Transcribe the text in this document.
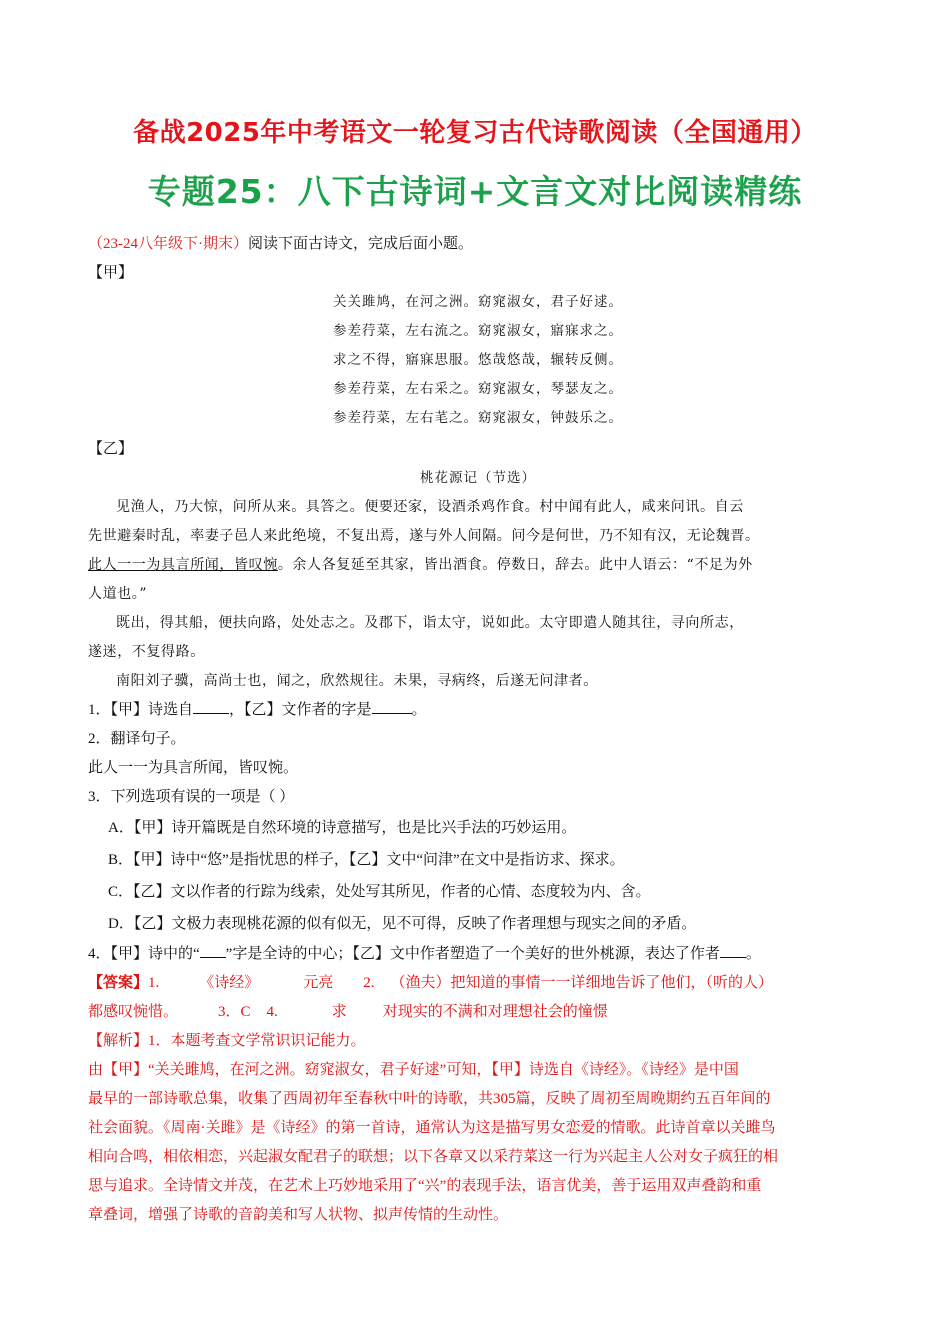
备战2025年中考语文一轮复习古代诗歌阅读（全国通用）
专题25：八下古诗词+文言文对比阅读精练
（23-24八年级下·期末）阅读下面古诗文，完成后面小题。
【甲】
关关雎鸠，在河之洲。窈窕淑女，君子好逑。
参差荇菜，左右流之。窈窕淑女，寤寐求之。
求之不得，寤寐思服。悠哉悠哉，辗转反侧。
参差荇菜，左右采之。窈窕淑女，琴瑟友之。
参差荇菜，左右芼之。窈窕淑女，钟鼓乐之。
【乙】
桃花源记（节选）
见渔人，乃大惊，问所从来。具答之。便要还家，设酒杀鸡作食。村中闻有此人，咸来问讯。自云
先世避秦时乱，率妻子邑人来此绝境，不复出焉，遂与外人间隔。问今是何世，乃不知有汉，无论魏晋。
此人一一为具言所闻，皆叹惋。余人各复延至其家，皆出酒食。停数日，辞去。此中人语云：“不足为外
人道也。”
既出，得其船，便扶向路，处处志之。及郡下，诣太守，说如此。太守即遣人随其往，寻向所志，
遂迷，不复得路。
南阳刘子骥，高尚士也，闻之，欣然规往。未果，寻病终，后遂无问津者。
1．【甲】诗选自 ，【乙】文作者的字是	。
2．翻译句子。
此人一一为具言所闻，皆叹惋。
3．下列选项有误的一项是（ ）
A．【甲】诗开篇既是自然环境的诗意描写，也是比兴手法的巧妙运用。
B．【甲】诗中“悠”是指忧思的样子，【乙】文中“问津”在文中是指访求、探求。
C．【乙】文以作者的行踪为线索，处处写其所见，作者的心情、态度较为内、含。
D．【乙】文极力表现桃花源的似有似无，见不可得，反映了作者理想与现实之间的矛盾。
4．【甲】诗中的“ ”字是全诗的中心；【乙】文中作者塑造了一个美好的世外桃源，表达了作者 。
【答案】1.	《诗经》	元亮 2. （渔夫）把知道的事情一一详细地告诉了他们，（听的人）
都感叹惋惜。	3．C 4.	求 对现实的不满和对理想社会的憧憬
【解析】1．本题考查文学常识识记能力。
由【甲】“关关雎鸠，在河之洲。窈窕淑女，君子好逑”可知，【甲】诗选自《诗经》。《诗经》是中国
最早的一部诗歌总集，收集了西周初年至春秋中叶的诗歌，共305篇，反映了周初至周晚期约五百年间的
社会面貌。《周南·关雎》是《诗经》的第一首诗，通常认为这是描写男女恋爱的情歌。此诗首章以关雎鸟
相向合鸣，相依相恋，兴起淑女配君子的联想；以下各章又以采荇菜这一行为兴起主人公对女子疯狂的相
思与追求。全诗情文并茂，在艺术上巧妙地采用了“兴”的表现手法，语言优美，善于运用双声叠韵和重
章叠词，增强了诗歌的音韵美和写人状物、拟声传情的生动性。
